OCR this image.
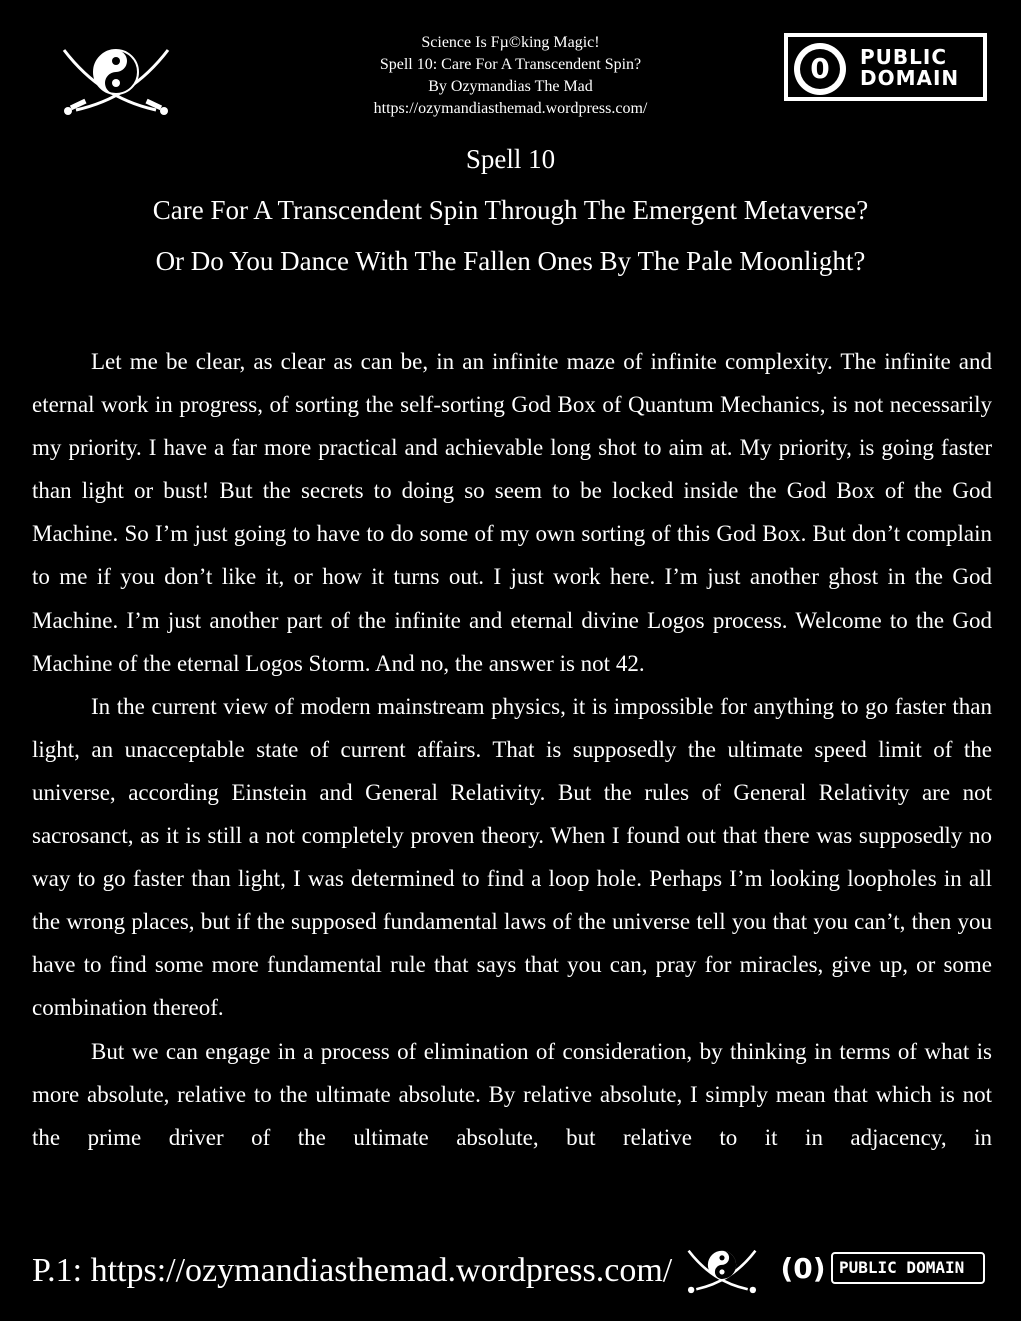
Science Is Fµ©king Magic!
Spell 10: Care For A Transcendent Spin?
By Ozymandias The Mad
https://ozymandiasthemad.wordpress.com/
0	PUBLIC
DOMAIN
Spell 10
Care For A Transcendent Spin Through The Emergent Metaverse?
Or Do You Dance With The Fallen Ones By The Pale Moonlight?

Let me be clear, as clear as can be, in an infinite maze of infinite complexity. The infinite and eternal work in progress, of sorting the self-sorting God Box of Quantum Mechanics, is not necessarily my priority. I have a far more practical and achievable long shot to aim at. My priority, is going faster than light or bust! But the secrets to doing so seem to be locked inside the God Box of the God Machine. So I’m just going to have to do some of my own sorting of this God Box. But don’t complain to me if you don’t like it, or how it turns out. I just work here. I’m just another ghost in the God Machine. I’m just another part of the infinite and eternal divine Logos process. Welcome to the God Machine of the eternal Logos Storm. And no, the answer is not 42.

In the current view of modern mainstream physics, it is impossible for anything to go faster than light, an unacceptable state of current affairs. That is supposedly the ultimate speed limit of the universe, according Einstein and General Relativity. But the rules of General Relativity are not sacrosanct, as it is still a not completely proven theory. When I found out that there was supposedly no way to go faster than light, I was determined to find a loop hole. Perhaps I’m looking loopholes in all the wrong places, but if the supposed fundamental laws of the universe tell you that you can’t, then you have to find some more fundamental rule that says that you can, pray for miracles, give up, or some combination thereof.

But we can engage in a process of elimination of consideration, by thinking in terms of what is more absolute, relative to the ultimate absolute. By relative absolute, I simply mean that which is not the prime driver of the ultimate absolute, but relative to it in adjacency, in

P.1: https://ozymandiasthemad.wordpress.com/	(0) PUBLIC DOMAIN
